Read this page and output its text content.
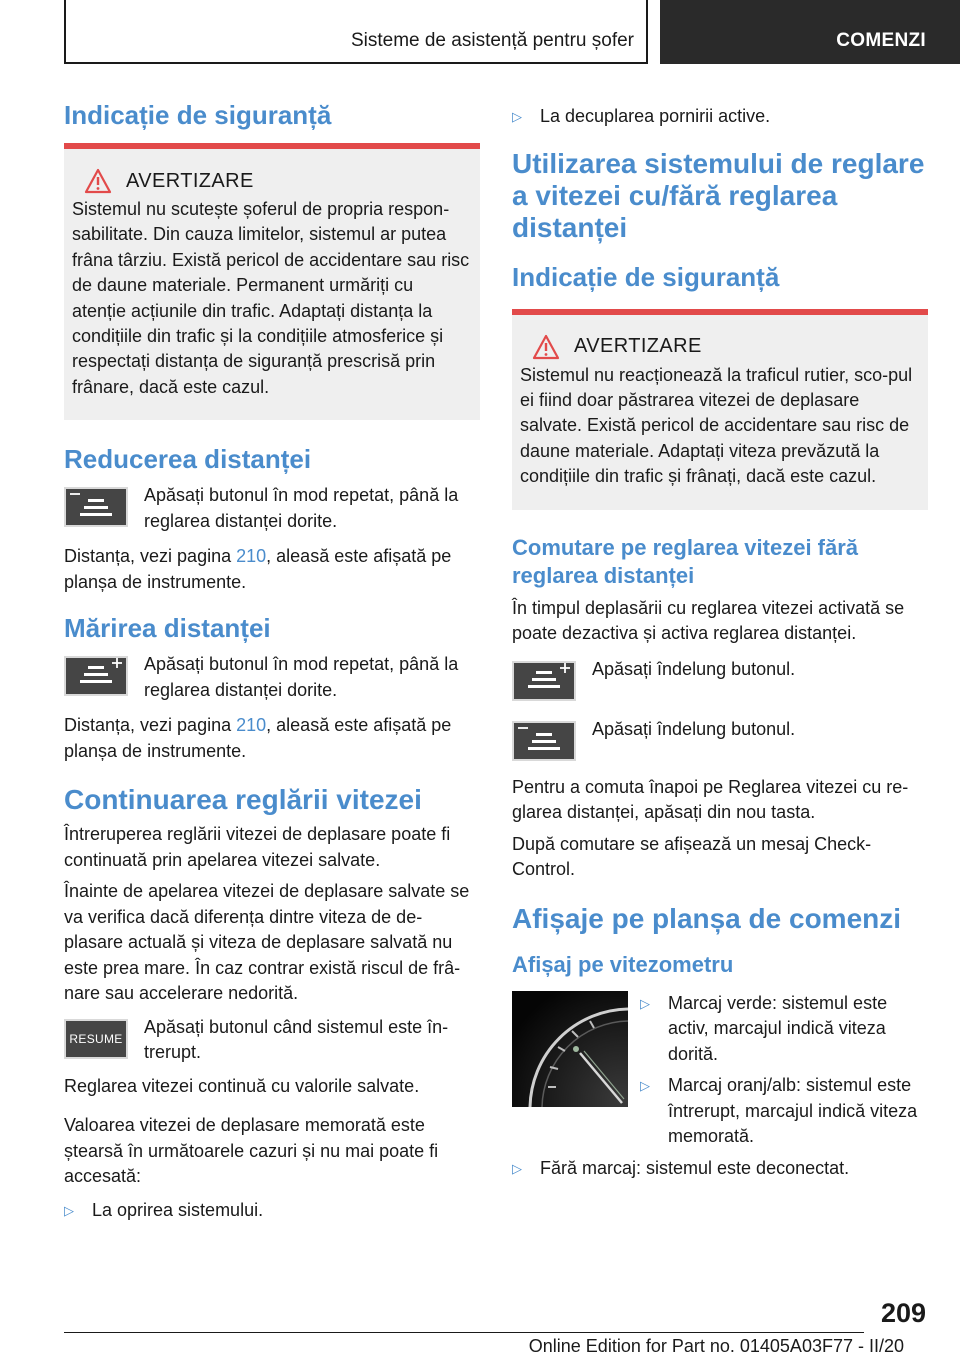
Sisteme de asistență pentru șofer	COMENZI
Indicație de siguranță
AVERTIZARE

Sistemul nu scutește șoferul de propria respon-sabilitate. Din cauza limitelor, sistemul ar putea frâna târziu. Există pericol de accidentare sau risc de daune materiale. Permanent urmăriți cu atenție acțiunile din trafic. Adaptați distanța la condițiile din trafic și la condițiile atmosferice și respectați distanța de siguranță prescrisă prin frânare, dacă este cazul.

Reducerea distanței

Apăsați butonul în mod repetat, până la reglarea distanței dorite.

Distanța, vezi pagina 210, aleasă este afișată pe planșa de instrumente.

Mărirea distanței

Apăsați butonul în mod repetat, până la reglarea distanței dorite.

Distanța, vezi pagina 210, aleasă este afișată pe planșa de instrumente.

Continuarea reglării vitezei

Întreruperea reglării vitezei de deplasare poate fi continuată prin apelarea vitezei salvate.

Înainte de apelarea vitezei de deplasare salvate se va verifica dacă diferența dintre viteza de de-plasare actuală și viteza de deplasare salvată nu este prea mare. În caz contrar există riscul de frâ-nare sau accelerare nedorită.

RESUME

Apăsați butonul când sistemul este în-trerupt.

Reglarea vitezei continuă cu valorile salvate.

Valoarea vitezei de deplasare memorată este ștearsă în următoarele cazuri și nu mai poate fi accesată:

▷	La oprirea sistemului.

▷	La decuplarea pornirii active.

Utilizarea sistemului de reglare a vitezei cu/fără reglarea distanței
Indicație de siguranță
AVERTIZARE

Sistemul nu reacționează la traficul rutier, sco-pul ei fiind doar păstrarea vitezei de deplasare salvate. Există pericol de accidentare sau risc de daune materiale. Adaptați viteza prevăzută la condițiile din trafic și frânați, dacă este cazul.

Comutare pe reglarea vitezei fără reglarea distanței

În timpul deplasării cu reglarea vitezei activată se poate dezactiva și activa reglarea distanței.

Apăsați îndelung butonul.

Apăsați îndelung butonul.

Pentru a comuta înapoi pe Reglarea vitezei cu re-glarea distanței, apăsați din nou tasta.

După comutare se afișează un mesaj Check-Control.

Afișaje pe planșa de comenzi
Afișaj pe vitezometru
▷	Marcaj verde: sistemul este activ, marcajul indică viteza dorită.

▷	Marcaj oranj/alb: sistemul este întrerupt, marcajul indică viteza memorată.

▷	Fără marcaj: sistemul este deconectat.

209
Online Edition for Part no. 01405A03F77 - II/20
